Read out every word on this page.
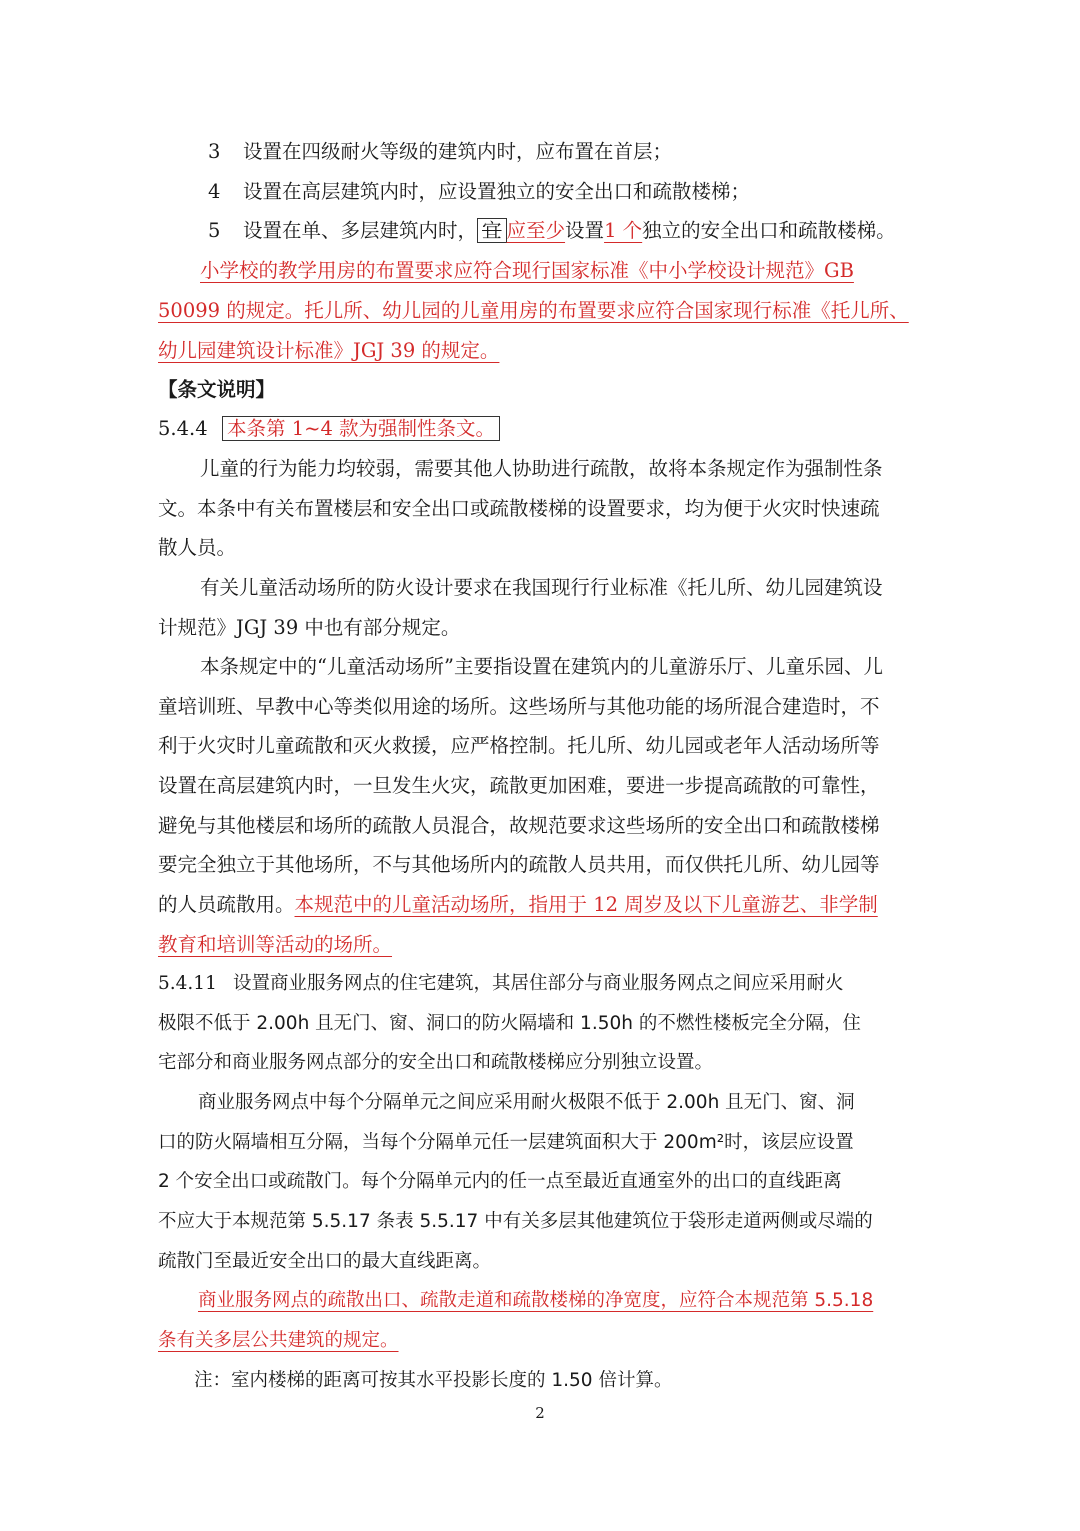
3 设置在四级耐火等级的建筑内时，应布置在首层；
4 设置在高层建筑内时，应设置独立的安全出口和疏散楼梯；
5 设置在单、多层建筑内时， 宜 应至少设置1 个独立的安全出口和疏散楼梯。
小学校的教学用房的布置要求应符合现行国家标准《中小学校设计规范》GB
50099 的规定。托儿所、幼儿园的儿童用房的布置要求应符合国家现行标准《托儿所、
幼儿园建筑设计标准》JGJ 39 的规定。
【条文说明】
5.4.4 本条第 1~4 款为强制性条文。
儿童的行为能力均较弱，需要其他人协助进行疏散，故将本条规定作为强制性条
文。本条中有关布置楼层和安全出口或疏散楼梯的设置要求，均为便于火灾时快速疏
散人员。
有关儿童活动场所的防火设计要求在我国现行行业标准《托儿所、幼儿园建筑设
计规范》JGJ 39 中也有部分规定。
本条规定中的“儿童活动场所”主要指设置在建筑内的儿童游乐厅、儿童乐园、儿
童培训班、早教中心等类似用途的场所。这些场所与其他功能的场所混合建造时，不
利于火灾时儿童疏散和灭火救援，应严格控制。托儿所、幼儿园或老年人活动场所等
设置在高层建筑内时，一旦发生火灾，疏散更加困难，要进一步提高疏散的可靠性，
避免与其他楼层和场所的疏散人员混合，故规范要求这些场所的安全出口和疏散楼梯
要完全独立于其他场所，不与其他场所内的疏散人员共用，而仅供托儿所、幼儿园等
的人员疏散用。本规范中的儿童活动场所，指用于 12 周岁及以下儿童游艺、非学制
教育和培训等活动的场所。
5.4.11 设置商业服务网点的住宅建筑，其居住部分与商业服务网点之间应采用耐火
极限不低于 2.00h 且无门、窗、洞口的防火隔墙和 1.50h 的不燃性楼板完全分隔，住
宅部分和商业服务网点部分的安全出口和疏散楼梯应分别独立设置。
商业服务网点中每个分隔单元之间应采用耐火极限不低于 2.00h 且无门、窗、洞
口的防火隔墙相互分隔，当每个分隔单元任一层建筑面积大于 200m²时，该层应设置
2 个安全出口或疏散门。每个分隔单元内的任一点至最近直通室外的出口的直线距离
不应大于本规范第 5.5.17 条表 5.5.17 中有关多层其他建筑位于袋形走道两侧或尽端的
疏散门至最近安全出口的最大直线距离。
商业服务网点的疏散出口、疏散走道和疏散楼梯的净宽度，应符合本规范第 5.5.18
条有关多层公共建筑的规定。
注：室内楼梯的距离可按其水平投影长度的 1.50 倍计算。
2
